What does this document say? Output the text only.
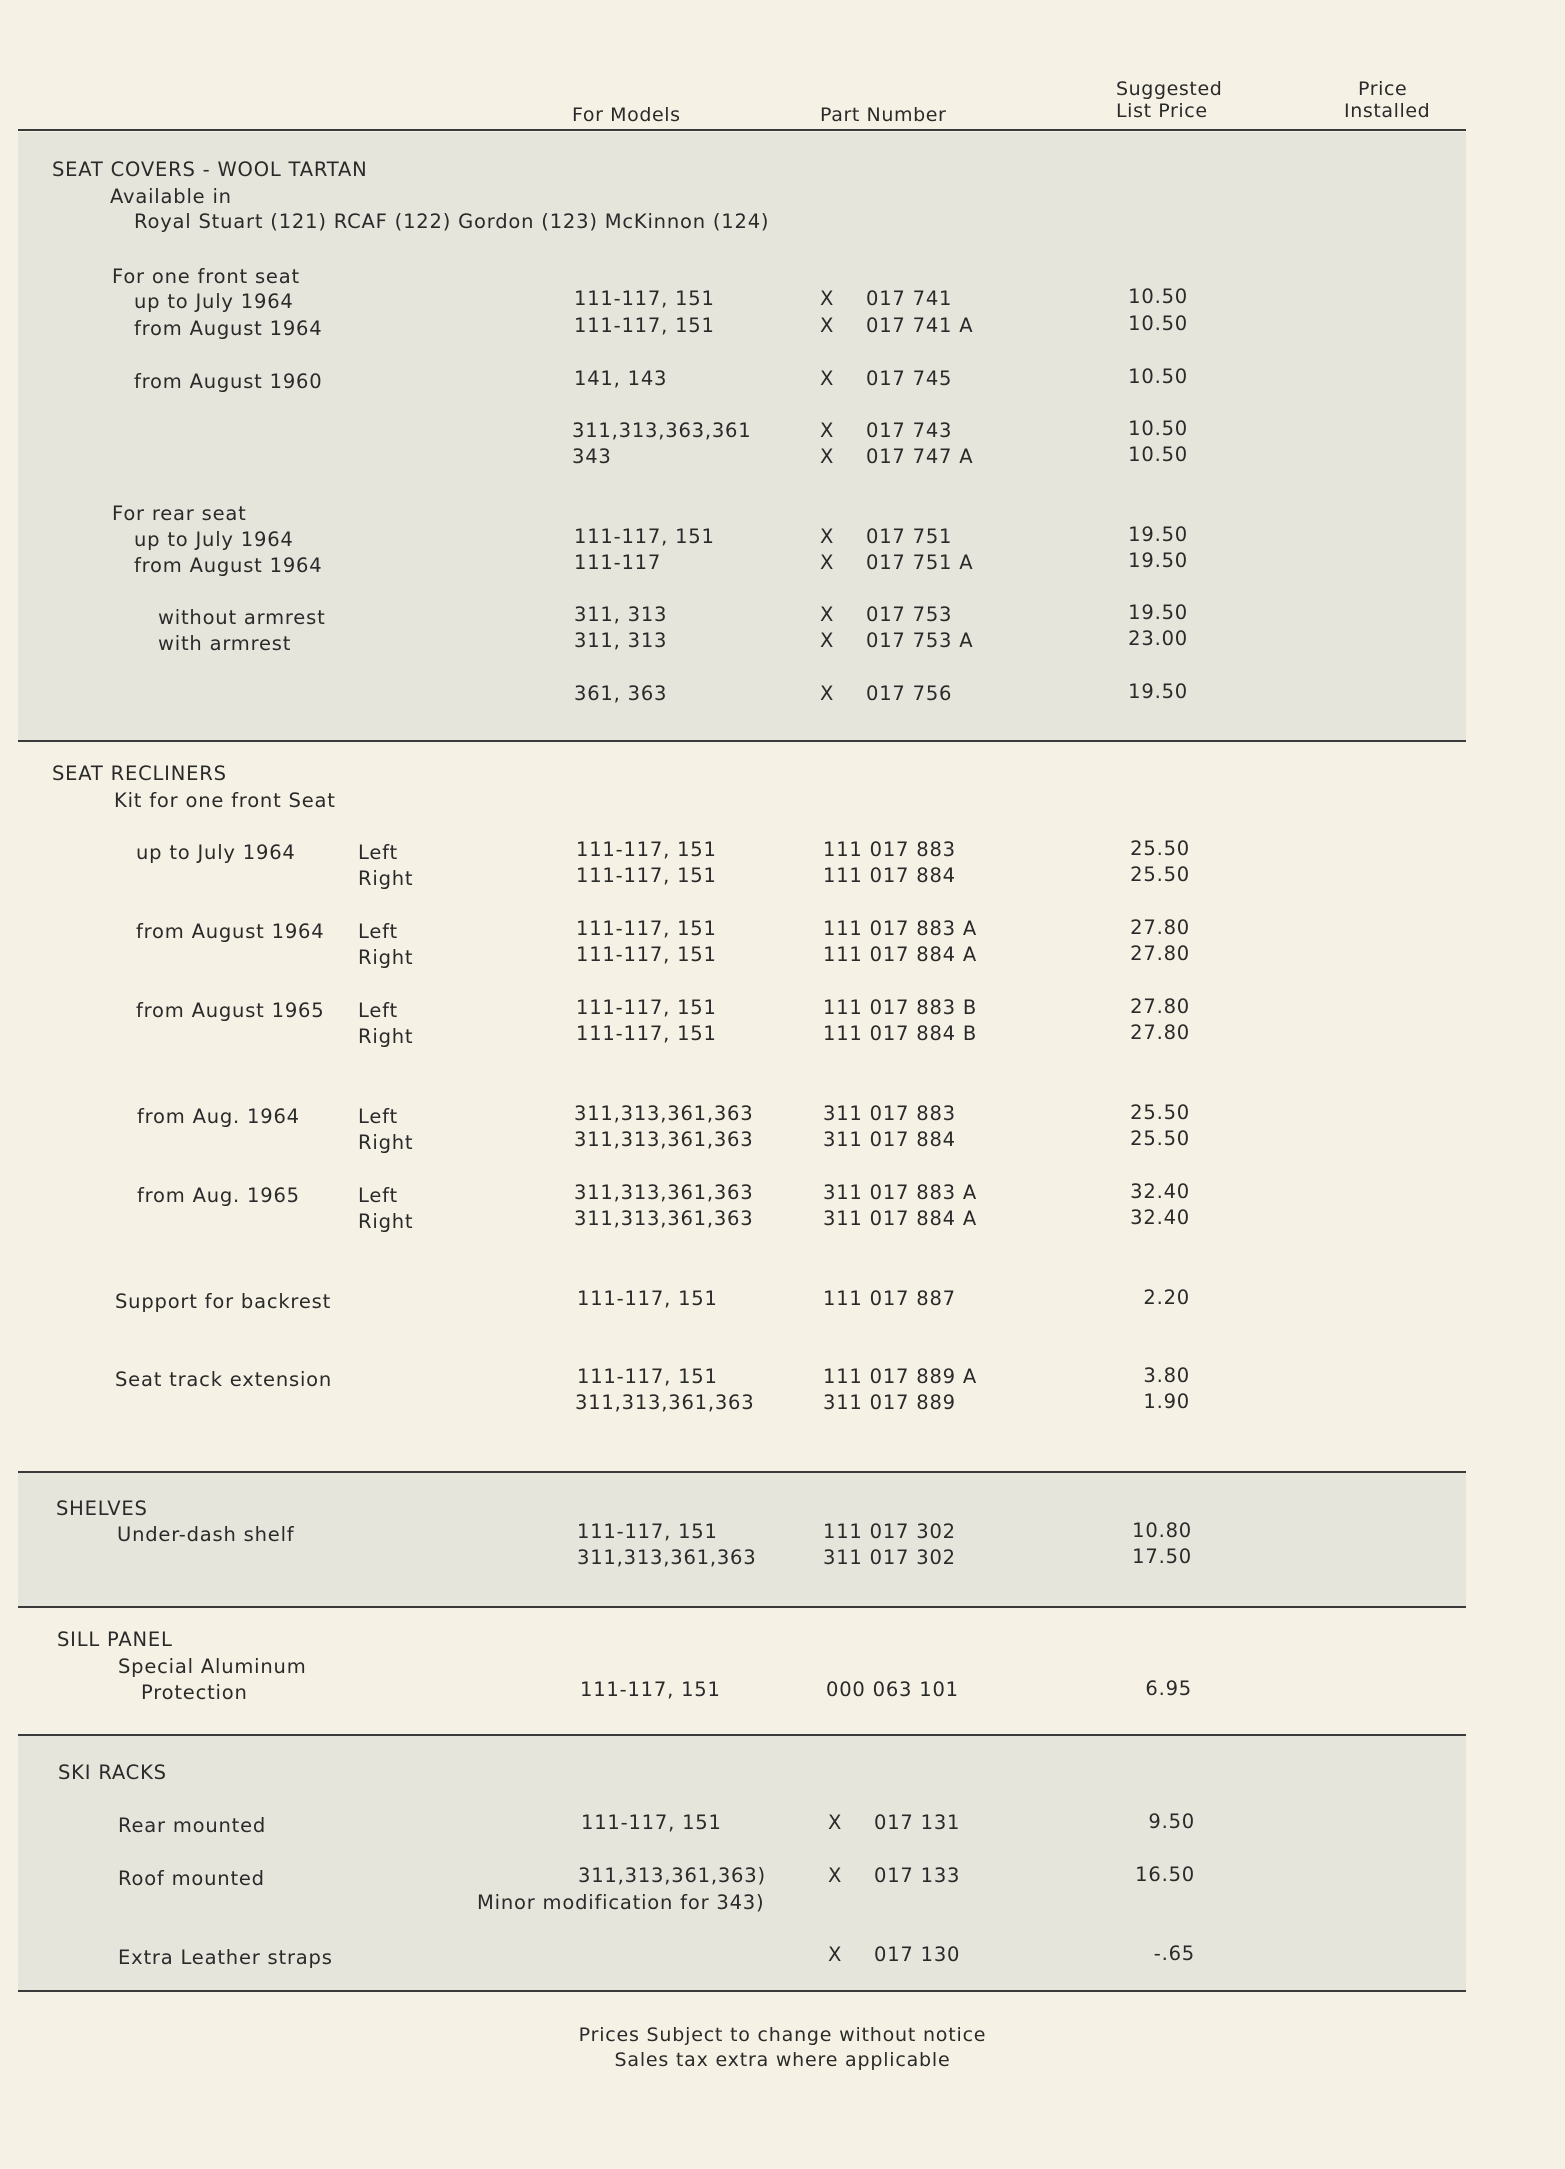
For Models	Part Number
Suggested
List Price
Price
Installed
SEAT COVERS - WOOL TARTAN
Available in
Royal Stuart (121) RCAF (122) Gordon (123) McKinnon (124)
For one front seat
up to July 1964	111-117, 151	X 017 741	10.50
from August 1964	111-117, 151	X 017 741 A	10.50
from August 1960	141, 143	X 017 745	10.50
311,313,363,361	X 017 743	10.50
343	X 017 747 A	10.50
For rear seat
up to July 1964	111-117, 151	X 017 751	19.50
from August 1964	111-117	X 017 751 A	19.50
without armrest	311, 313	X 017 753	19.50
with armrest	311, 313	X 017 753 A	23.00
361, 363	X 017 756	19.50
SEAT RECLINERS
Kit for one front Seat
up to July 1964	Left	111-117, 151	111 017 883	25.50
Right	111-117, 151	111 017 884	25.50
from August 1964 Left	111-117, 151	111 017 883 A	27.80
Right	111-117, 151	111 017 884 A	27.80
from August 1965 Left	111-117, 151	111 017 883 B	27.80
Right	111-117, 151	111 017 884 B	27.80
from Aug. 1964	Left	311,313,361,363	311 017 883	25.50
Right	311,313,361,363	311 017 884	25.50
from Aug. 1965	Left	311,313,361,363	311 017 883 A	32.40
Right	311,313,361,363	311 017 884 A	32.40
Support for backrest	111-117, 151	111 017 887	2.20
Seat track extension	111-117, 151	111 017 889 A	3.80
311,313,361,363	311 017 889	1.90
SHELVES
Under-dash shelf	111-117, 151	111 017 302	10.80
311,313,361,363	311 017 302	17.50
SILL PANEL
Special Aluminum
Protection	111-117, 151	000 063 101	6.95
SKI RACKS
Rear mounted	111-117, 151	X 017 131	9.50
Roof mounted	311,313,361,363)	X 017 133	16.50
Minor modification for 343)
Extra Leather straps	X 017 130	-.65
Prices Subject to change without notice
Sales tax extra where applicable
